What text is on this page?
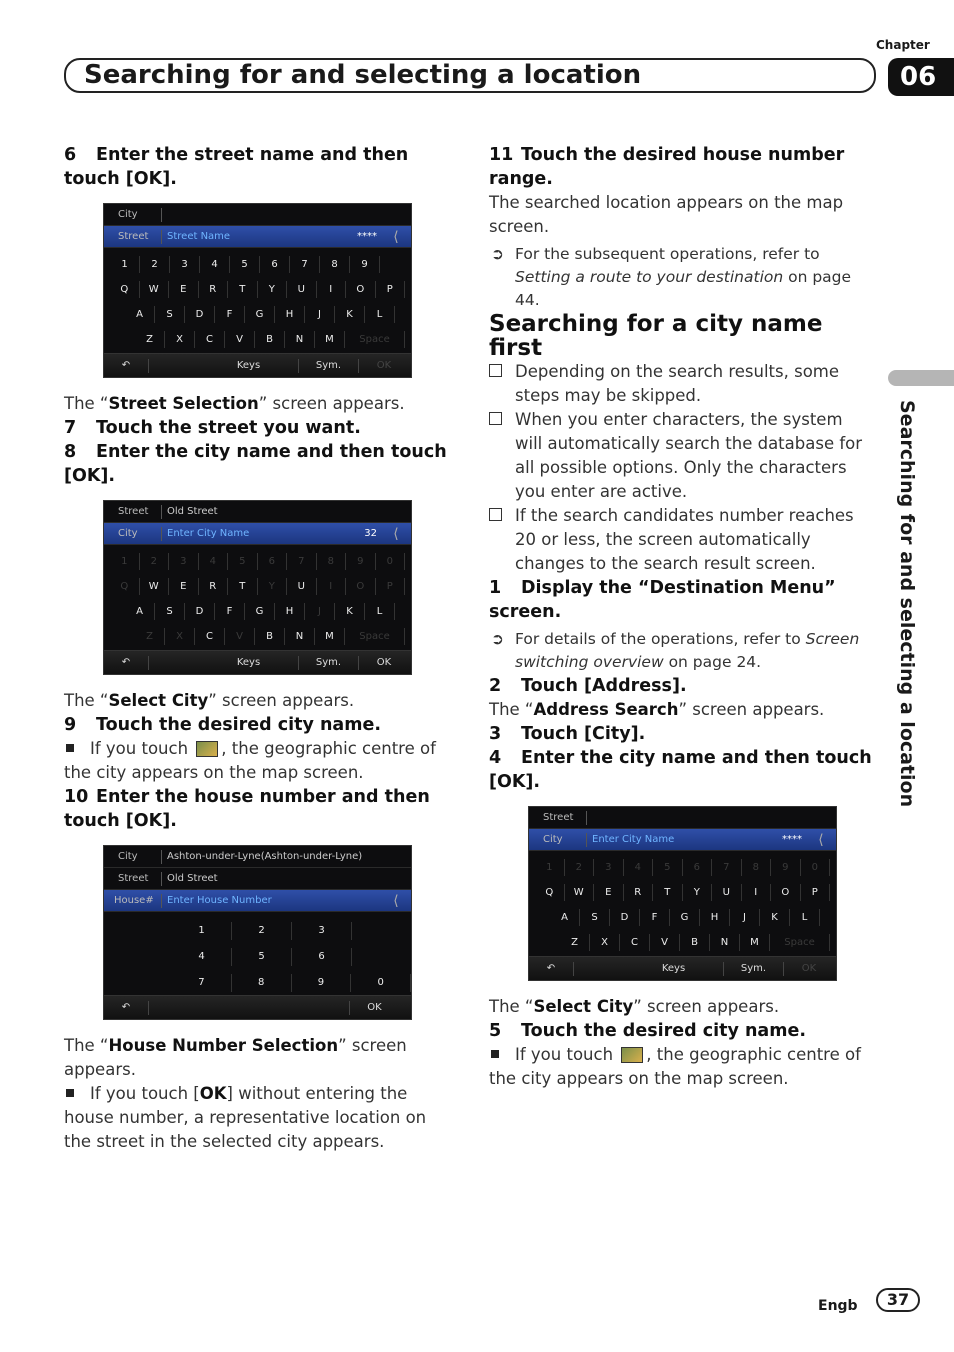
Chapter
06
Searching for and selecting a location
Searching for and selecting a location

6 Enter the street name and then touch [OK].

City
Street	Street Name	****	⟨
1	2	3	4	5	6	7	8	9
Q	W	E	R	T	Y	U	I	O	P
A	S	D	F	G	H	J	K	L
Z	X	C	V	B	N	M	Space
↶	Keys	Sym.	OK

The “Street Selection” screen appears.

7 Touch the street you want.

8 Enter the city name and then touch [OK].

Street	Old Street
City	Enter City Name	32	⟨
1	2	3	4	5	6	7	8	9	0
Q	W	E	R	T	Y	U	I	O	P
A	S	D	F	G	H	J	K	L
Z	X	C	V	B	N	M	Space
↶	Keys	Sym.	OK

The “Select City” screen appears.

9 Touch the desired city name.

If you touch , the geographic centre of the city appears on the map screen.

10 Enter the house number and then touch [OK].

City	Ashton-under-Lyne(Ashton-under-Lyne)
Street	Old Street
House#	Enter House Number	⟨
1	2	3
4	5	6
7	8	9	0
↶	OK

The “House Number Selection” screen appears.

If you touch [OK] without entering the house number, a representative location on the street in the selected city appears.

11 Touch the desired house number range.

The searched location appears on the map screen.

➲ For the subsequent operations, refer to Setting a route to your destination on page 44.

Searching for a city name first

Depending on the search results, some steps may be skipped.
When you enter characters, the system will automatically search the database for all possible options. Only the characters you enter are active.
If the search candidates number reaches 20 or less, the screen automatically changes to the search result screen.

1 Display the “Destination Menu” screen.

➲ For details of the operations, refer to Screen switching overview on page 24.

2 Touch [Address].

The “Address Search” screen appears.

3 Touch [City].

4 Enter the city name and then touch [OK].

Street
City	Enter City Name	****	⟨
1	2	3	4	5	6	7	8	9	0
Q	W	E	R	T	Y	U	I	O	P
A	S	D	F	G	H	J	K	L
Z	X	C	V	B	N	M	Space
↶	Keys	Sym.	OK

The “Select City” screen appears.

5 Touch the desired city name.

If you touch , the geographic centre of the city appears on the map screen.

Engb	37
